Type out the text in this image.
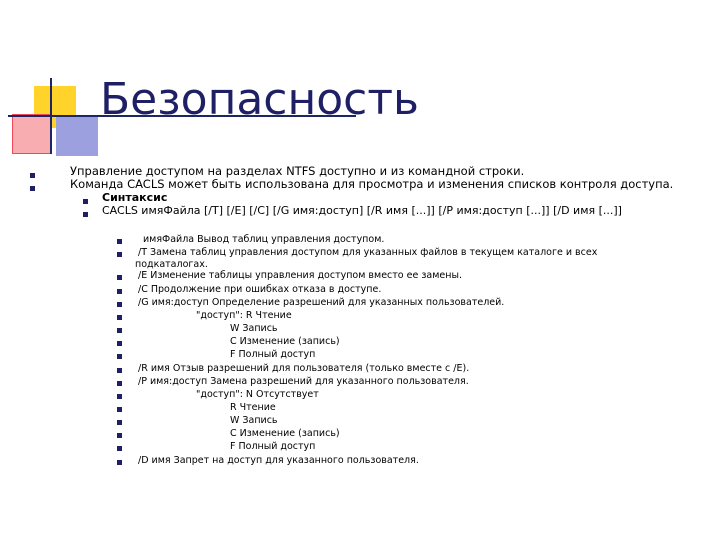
Безопасность
Управление доступом на разделах NTFS доступно и из командной строки.
Команда CACLS может быть использована для просмотра и изменения списков контроля доступа.
Синтаксис
CACLS имяФайла [/T] [/E] [/C] [/G имя:доступ] [/R имя [...]] [/P имя:доступ [...]] [/D имя [...]]
имяФайла Вывод таблиц управления доступом.
/T Замена таблиц управления доступом для указанных файлов в текущем каталоге и всех
подкаталогах.
/E Изменение таблицы управления доступом вместо ее замены.
/C Продолжение при ошибках отказа в доступе.
/G имя:доступ Определение разрешений для указанных пользователей.
"доступ": R Чтение
W Запись
C Изменение (запись)
F Полный доступ
/R имя Отзыв разрешений для пользователя (только вместе с /E).
/P имя:доступ Замена разрешений для указанного пользователя.
"доступ": N Отсутствует
R Чтение
W Запись
C Изменение (запись)
F Полный доступ
/D имя Запрет на доступ для указанного пользователя.
